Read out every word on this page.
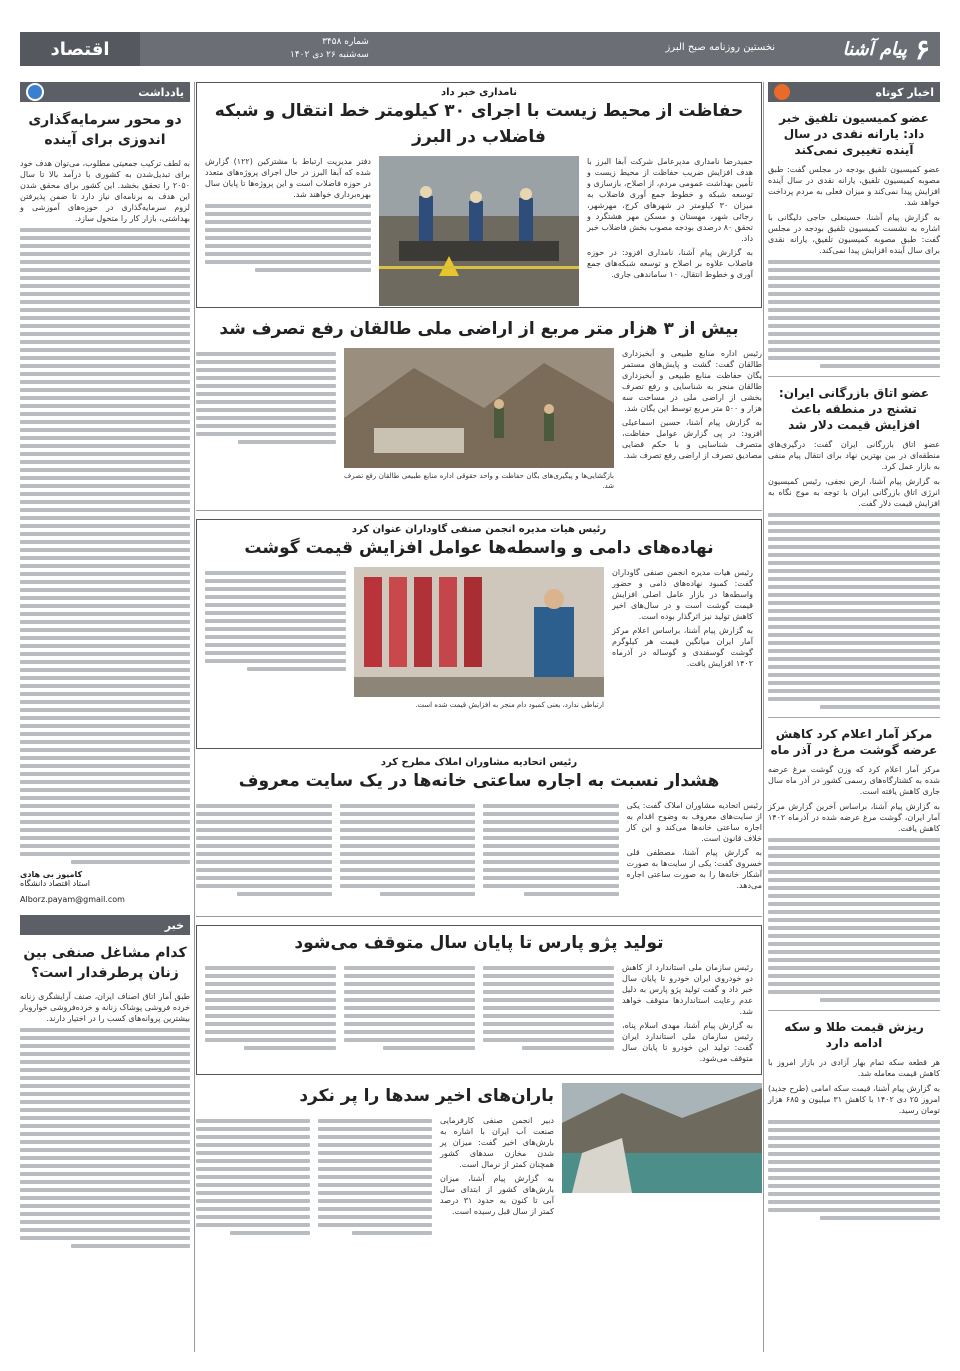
۶
پیام آشنا
نخستین روزنامه صبح البرز
شماره ۳۴۵۸
سه‌شنبه ۲۶ دی ۱۴۰۲
اقتصاد
اخبار کوتاه
عضو کمیسیون تلفیق خبر داد: یارانه نقدی در سال آینده تغییری نمی‌کند

عضو کمیسیون تلفیق بودجه در مجلس گفت: طبق مصوبه کمیسیون تلفیق، یارانه نقدی در سال آینده افزایش پیدا نمی‌کند و میزان فعلی به مردم پرداخت خواهد شد.

به گزارش پیام آشنا، حسینعلی حاجی دلیگانی با اشاره به نشست کمیسیون تلفیق بودجه در مجلس گفت: طبق مصوبه کمیسیون تلفیق، یارانه نقدی برای سال آینده افزایش پیدا نمی‌کند.

عضو اتاق بازرگانی ایران: تشنج در منطقه باعث افزایش قیمت دلار شد

عضو اتاق بازرگانی ایران گفت: درگیری‌های منطقه‌ای در بین بهترین نهاد برای انتقال پیام منفی به بازار عمل کرد.

به گزارش پیام آشنا، ارض نجفی، رئیس کمیسیون انرژی اتاق بازرگانی ایران با توجه به موج نگاه به افزایش قیمت دلار گفت.

مرکز آمار اعلام کرد کاهش عرضه گوشت مرغ در آذر ماه

مرکز آمار اعلام کرد که وزن گوشت مرغ عرضه شده به کشتارگاه‌های رسمی کشور در آذر ماه سال جاری کاهش یافته است.

به گزارش پیام آشنا، براساس آخرین گزارش مرکز آمار ایران، گوشت مرغ عرضه شده در آذرماه ۱۴۰۲ کاهش یافت.

ریزش قیمت طلا و سکه ادامه دارد

هر قطعه سکه تمام بهار آزادی در بازار امروز با کاهش قیمت معامله شد.

به گزارش پیام آشنا، قیمت سکه امامی (طرح جدید) امروز ۲۵ دی ۱۴۰۲ با کاهش ۳۱ میلیون و ۶۸۵ هزار تومان رسید.

یادداشت
دو محور سرمایه‌گذاری اندوزی برای آینده

به لطف ترکیب جمعیتی مطلوب، می‌توان هدف خود برای تبدیل‌شدن به کشوری با درآمد بالا تا سال ۲۰۵۰ را تحقق بخشد. این کشور برای محقق شدن این هدف به برنامه‌ای نیاز دارد تا ضمن پذیرفتن لزوم سرمایه‌گذاری در حوزه‌های آموزشی و بهداشتی، بازار کار را متحول سازد.

کامیوز بی هادی
استاد اقتصاد دانشگاه
Alborz.payam@gmail.com
خبر
کدام مشاغل صنفی بین زنان پرطرفدار است؟

طبق آمار اتاق اصناف ایران، صنف آرایشگری زنانه خرده فروشی پوشاک زنانه و خرده‌فروشی خواروبار بیشترین پروانه‌های کسب را در اختیار دارند.

نامداری خبر داد
حفاظت از محیط زیست با اجرای ۳۰ کیلومتر خط انتقال و شبکه فاضلاب در البرز

حمیدرضا نامداری مدیرعامل شرکت آبفا البرز با هدف افزایش ضریب حفاظت از محیط زیست و تأمین بهداشت عمومی مردم، از اصلاح، بازسازی و توسعه شبکه و خطوط جمع آوری فاضلاب به میزان ۳۰ کیلومتر در شهرهای کرج، مهرشهر، رجائی شهر، مهستان و مسکن مهر هشتگرد و تحقق ۸۰ درصدی بودجه مصوب بخش فاضلاب خبر داد.

به گزارش پیام آشنا، نامداری افزود: در حوزه فاضلاب علاوه بر اصلاح و توسعه شبکه‌های جمع آوری و خطوط انتقال، ۱۰ ساماندهی جاری.

دفتر مدیریت ارتباط با مشترکین (۱۲۲) گزارش شده که آبفا البرز در حال اجرای پروژه‌های متعدد در حوزه فاضلاب است و این پروژه‌ها تا پایان سال بهره‌برداری خواهند شد.

بیش از ۳ هزار متر مربع از اراضی ملی طالقان رفع تصرف شد

رئیس اداره منابع طبیعی و آبخیزداری طالقان گفت: گشت و پایش‌های مستمر یگان حفاظت منابع طبیعی و آبخیزداری طالقان منجر به شناسایی و رفع تصرف بخشی از اراضی ملی در مساحت سه هزار و ۵۰۰ متر مربع توسط این یگان شد.

به گزارش پیام آشنا، حسین اسماعیلی افزود: در پی گزارش عوامل حفاظت، متصرف شناسایی و با حکم قضایی مصادیق تصرف از اراضی رفع تصرف شد.

بازگشایی‌ها و پیگیری‌های یگان حفاظت و واحد حقوقی اداره منابع طبیعی طالقان رفع تصرف شد.

رئیس هیات مدیره انجمن صنفی گاوداران عنوان کرد
نهاده‌های دامی و واسطه‌ها عوامل افزایش قیمت گوشت

رئیس هیات مدیره انجمن صنفی گاوداران گفت: کمبود نهاده‌های دامی و حضور واسطه‌ها در بازار عامل اصلی افزایش قیمت گوشت است و در سال‌های اخیر کاهش تولید نیز اثرگذار بوده است.

به گزارش پیام آشنا، براساس اعلام مرکز آمار ایران میانگین قیمت هر کیلوگرم گوشت گوسفندی و گوساله در آذرماه ۱۴۰۲ افزایش یافت.

ارتباطی ندارد، یعنی کمبود دام منجر به افزایش قیمت شده است.

رئیس اتحادیه مشاوران املاک مطرح کرد
هشدار نسبت به اجاره ساعتی خانه‌ها در یک سایت معروف

رئیس اتحادیه مشاوران املاک گفت: یکی از سایت‌های معروف به وضوح اقدام به اجاره ساعتی خانه‌ها می‌کند و این کار خلاف قانون است.

به گزارش پیام آشنا، مصطفی قلی خسروی گفت: یکی از سایت‌ها به صورت آشکار خانه‌ها را به صورت ساعتی اجاره می‌دهد.

تولید پژو پارس تا پایان سال متوقف می‌شود

رئیس سازمان ملی استاندارد از کاهش دو خودروی ایران خودرو تا پایان سال خبر داد و گفت تولید پژو پارس به دلیل عدم رعایت استانداردها متوقف خواهد شد.

به گزارش پیام آشنا، مهدی اسلام پناه، رئیس سازمان ملی استاندارد ایران گفت: تولید این خودرو تا پایان سال متوقف می‌شود.

باران‌های اخیر سدها را پر نکرد

دبیر انجمن صنفی کارفرمایی صنعت آب ایران با اشاره به بارش‌های اخیر گفت: میزان پر شدن مخازن سدهای کشور همچنان کمتر از نرمال است.

به گزارش پیام آشنا، میزان بارش‌های کشور از ابتدای سال آبی تا کنون به حدود ۳۱ درصد کمتر از سال قبل رسیده است.
